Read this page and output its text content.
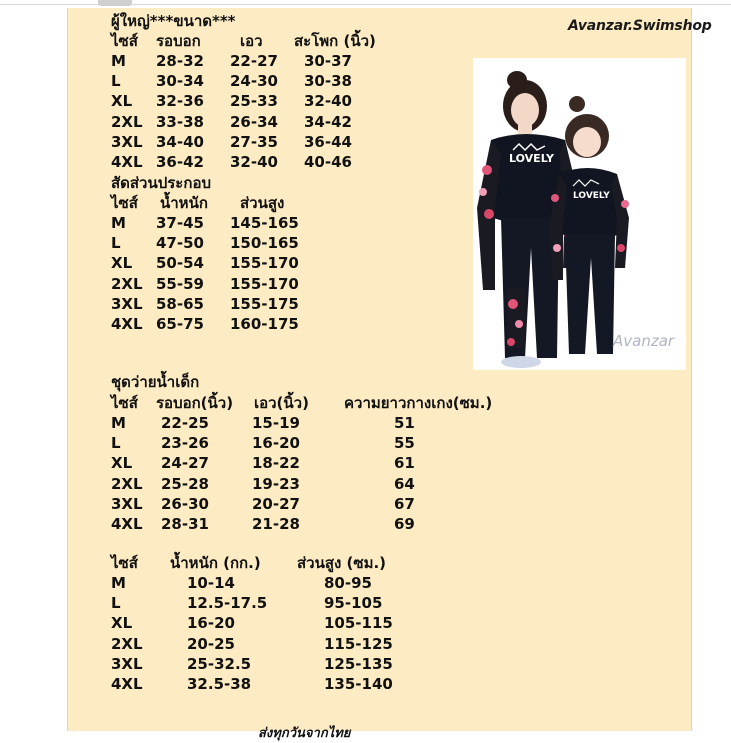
Avanzar.Swimshop
ผู้ใหญ่***ขนาด***
ไซส์ รอบอก	เอว สะโพก (นิ้ว)
M 28-32 22-27 30-37
L 30-34 24-30 30-38
XL 32-36 25-33 32-40
2XL 33-38 26-34 34-42
3XL 34-40 27-35 36-44
4XL 36-42 32-40 40-46
สัดส่วนประกอบ
ไซส์ น้ำหนัก ส่วนสูง
M 37-45 145-165
L 47-50 150-165
XL 50-54 155-170
2XL 55-59 155-170
3XL 58-65 155-175
4XL 65-75 160-175
ชุดว่ายน้ำเด็ก
ไซส์ รอบอก(นิ้ว) เอว(นิ้ว) ความยาวกางเกง(ซม.)
M 22-25	15-19	51
L	23-26	16-20	55
XL 24-27	18-22	61
2XL 25-28	19-23	64
3XL 26-30	20-27	67
4XL 28-31	21-28	69
ไซส์ น้ำหนัก (กก.) ส่วนสูง (ซม.)
M	10-14	80-95
L	12.5-17.5	95-105
XL	16-20	105-115
2XL	20-25	115-125
3XL	25-32.5	125-135
4XL	32.5-38	135-140
ส่งทุกวันจากไทย
LOVELY
LOVELY
Avanzar
